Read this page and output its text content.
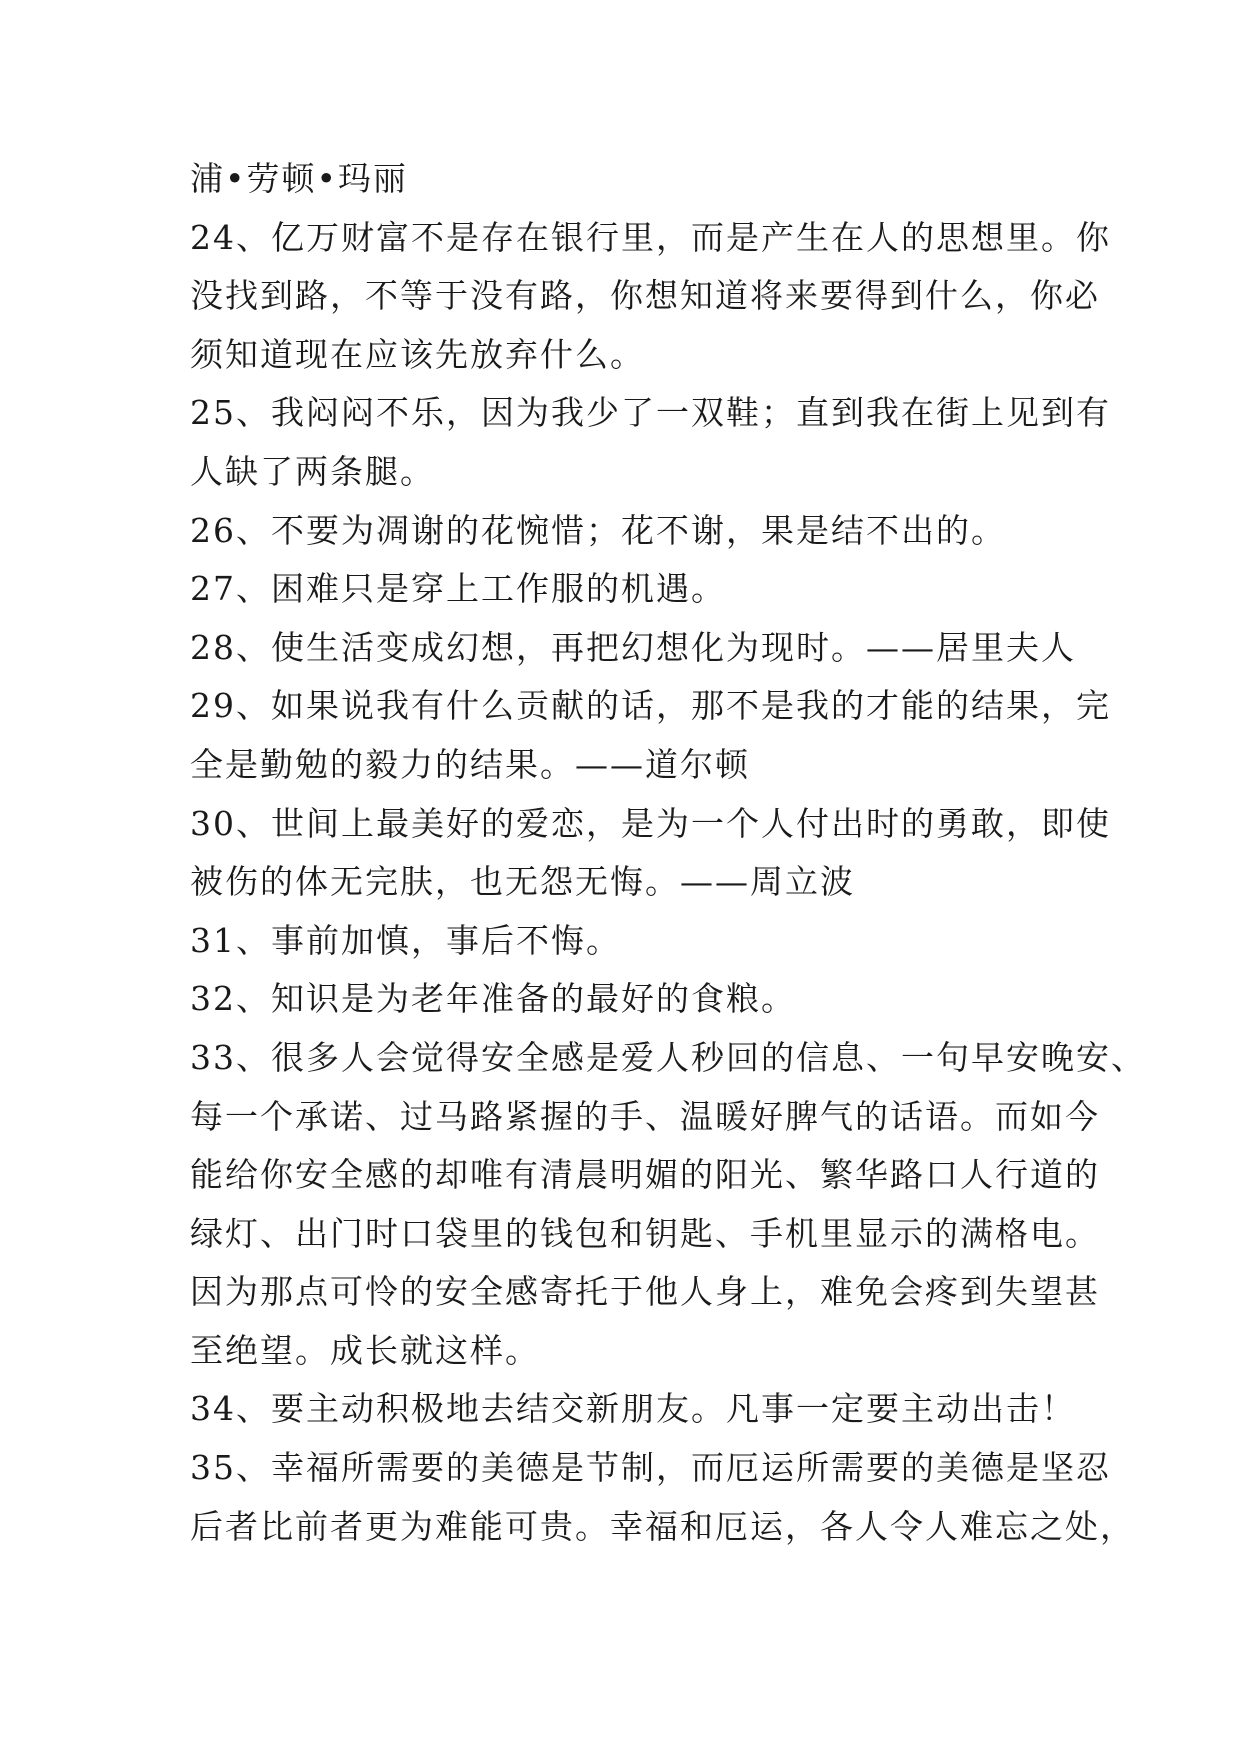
浦•劳顿•玛丽
24、亿万财富不是存在银行里，而是产生在人的思想里。你
没找到路，不等于没有路，你想知道将来要得到什么，你必
须知道现在应该先放弃什么。
25、我闷闷不乐，因为我少了一双鞋；直到我在街上见到有
人缺了两条腿。
26、不要为凋谢的花惋惜；花不谢，果是结不出的。
27、困难只是穿上工作服的机遇。
28、使生活变成幻想，再把幻想化为现时。——居里夫人
29、如果说我有什么贡献的话，那不是我的才能的结果，完
全是勤勉的毅力的结果。——道尔顿
30、世间上最美好的爱恋，是为一个人付出时的勇敢，即使
被伤的体无完肤，也无怨无悔。——周立波
31、事前加慎，事后不悔。
32、知识是为老年准备的最好的食粮。
33、很多人会觉得安全感是爱人秒回的信息、一句早安晚安、
每一个承诺、过马路紧握的手、温暖好脾气的话语。而如今
能给你安全感的却唯有清晨明媚的阳光、繁华路口人行道的
绿灯、出门时口袋里的钱包和钥匙、手机里显示的满格电。
因为那点可怜的安全感寄托于他人身上，难免会疼到失望甚
至绝望。成长就这样。
34、要主动积极地去结交新朋友。凡事一定要主动出击！
35、幸福所需要的美德是节制，而厄运所需要的美德是坚忍
后者比前者更为难能可贵。幸福和厄运，各人令人难忘之处，
